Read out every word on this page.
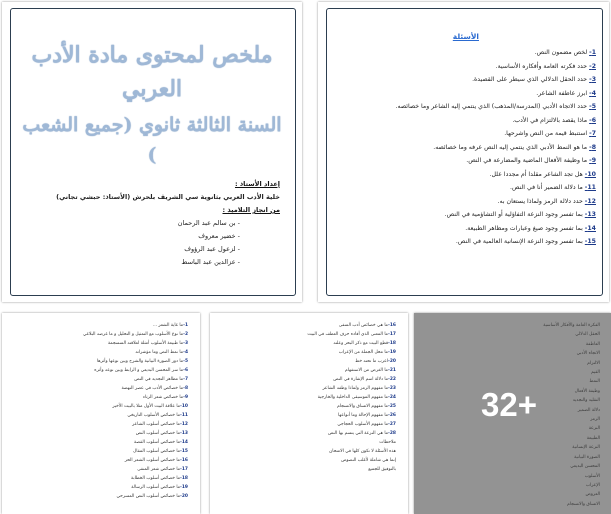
ملخص لمحتوى مادة الأدب العربي
السنة الثالثة ثانوي (جميع الشعب )
إعداد الأستاذ :
خلية الأدب العربي بثانوية سي الشريف بلحرش (الأستاذ: حبشي تجاني)
من انجاز التلاميذ :
- بن سالم عبد الرحمان
- خضير معروف
- لزعول عبد الرؤوف
- عزالدين عبد الباسط
الأسئلة
1-لخص مضمون النص.
2-حدد فكرته العامة وأفكاره الأساسية.
3-حدد الحقل الدلالي الذي سيطر على القصيدة.
4-ابرز عاطفة الشاعر.
5-حدد الاتجاه الأدبي (المدرسة/المذهب) الذي ينتمي إليه الشاعر وما خصائصه.
6-ماذا يقصد بالالتزام في الأدب.
7-استنبط قيمة من النص واشرحها.
8-ما هو النمط الأدبي الذي ينتمي إليه النص عرفه وما خصائصه.
9-ما وظيفة الأفعال الماضية والمضارعة في النص.
10-هل تجد الشاعر مقلدا أم مجددا علل.
11-ما دلالة الضمير أنا في النص.
12-حدد دلالة الرمز ولماذا يستعان به.
13-بما تفسر وجود النزعة التفاؤلية أو التشاؤمية في النص.
14-بما تفسر وجود صيغ وعبارات ومظاهر الطبيعة.
15-بما تفسر وجود النزعة الإنسانية العالمية في النص.
1-ما غاية الشعر ...
2-ما نوع الأسلوب مع التمثيل و التحليل و ما غرضه البلاغي
3-ما طبيعة الأسلوب أمثلة لعلاقته المنسجمة
4-ما نمط النص وما مؤشراته
5-ما دور الصورة البيانية والشرح وبين نوعها وأثرها
6-ما سر المحسن البديعي و الرابط وبين نوعه وأثره
7-ما مظاهر التجديد في النص
8-ما خصائص الأدب في عصر النهضة
9-ما خصائص شعر الرثاء
10-ما علاقة البيت الأول مثلا بالبيت الأخير
11-ما خصائص الأسلوب التاريخي
12-ما خصائص أسلوب الشاعر
13-ما خصائص أسلوب النص
14-ما خصائص أسلوب القصة
15-ما خصائص أسلوب المقال
16-ما خصائص أسلوب الشعر الحر
17-ما خصائص شعر المنفى
18-ما خصائص أسلوب الخطابة
19-ما خصائص أسلوب الرسالة
20-ما خصائص أسلوب النص المسرحي
16-ما هي خصائص أدب المنفى
17-ما المعنى الذي أفاده حرف العطف في البيت
18-قطع البيت مع ذكر البحر وعلته
19-ما محل الجملة من الإعراب
20-اعرب ما تحته خط
21-ما الغرض من الاستفهام
22-ما دلالة اسم الإشارة في النص
23-ما مفهوم الرمز ولماذا وظفه الشاعر
24-ما مفهوم الموسيقى الداخلية والخارجية
25-ما مفهوم الاتساق والانسجام
26-ما مفهوم الإحالة وما أنواعها
27-ما مفهوم الأسلوب الحجاجي
28-ما هي النزعة التي يتسم بها النص
ملاحظات
هذه الأسئلة لا تكون كلها في الامتحان
إنما هي شاملة لأغلب النصوص
بالتوفيق للجميع
32+
